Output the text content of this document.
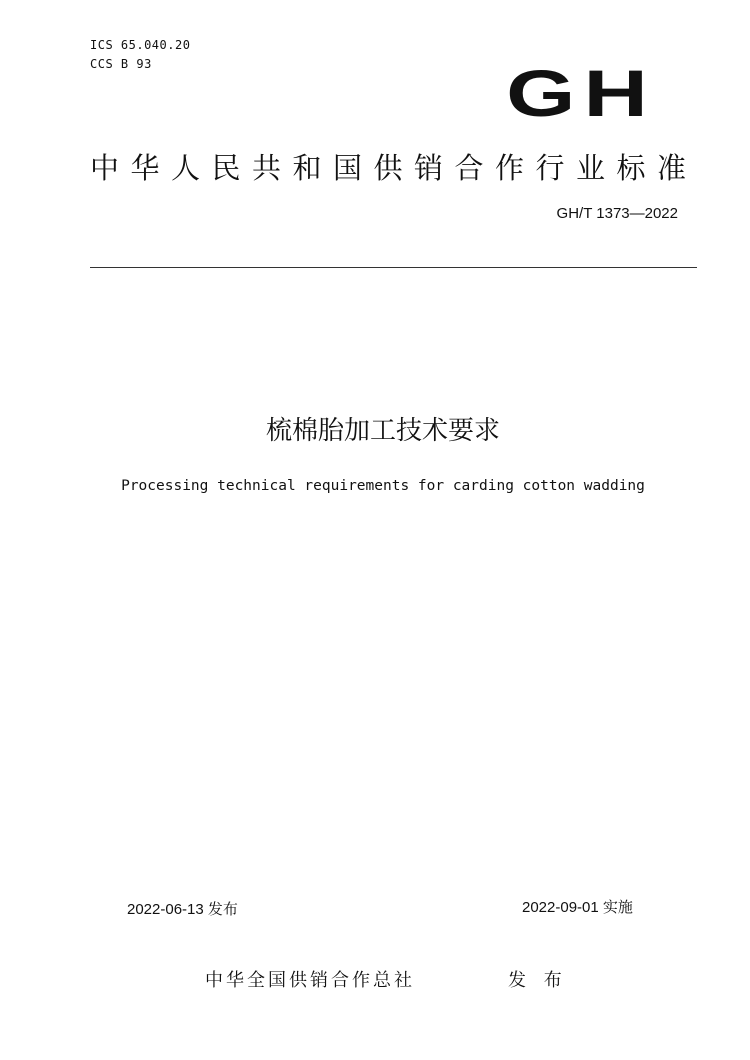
ICS 65.040.20
CCS B 93	GH
中华人民共和国供销合作行业标准
GH/T 1373—2022
梳棉胎加工技术要求
Processing technical requirements for carding cotton wadding
2022-06-13 发布	2022-09-01 实施
中华全国供销合作总社	发 布
